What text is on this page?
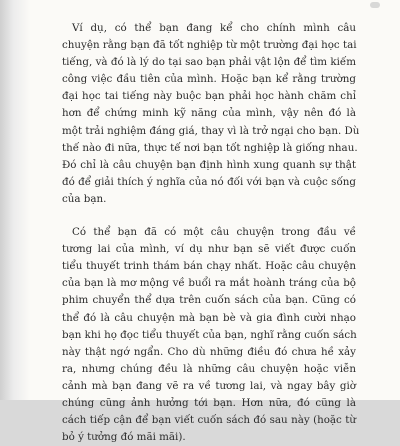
Ví dụ, có thể bạn đang kể cho chính mình câu
chuyện rằng bạn đã tốt nghiệp từ một trường đại học tai
tiếng, và đó là lý do tại sao bạn phải vật lộn để tìm kiếm
công việc đầu tiên của mình. Hoặc bạn kể rằng trường
đại học tai tiếng này buộc bạn phải học hành chăm chỉ
hơn để chứng minh kỹ năng của mình, vậy nên đó là
một trải nghiệm đáng giá, thay vì là trở ngại cho bạn. Dù
thế nào đi nữa, thực tế nơi bạn tốt nghiệp là giống nhau.
Đó chỉ là câu chuyện bạn định hình xung quanh sự thật
đó để giải thích ý nghĩa của nó đối với bạn và cuộc sống
của bạn.

Có thể bạn đã có một câu chuyện trong đầu về
tương lai của mình, ví dụ như bạn sẽ viết được cuốn
tiểu thuyết trinh thám bán chạy nhất. Hoặc câu chuyện
của bạn là mơ mộng về buổi ra mắt hoành tráng của bộ
phim chuyển thể dựa trên cuốn sách của bạn. Cũng có
thể đó là câu chuyện mà bạn bè và gia đình cười nhạo
bạn khi họ đọc tiểu thuyết của bạn, nghĩ rằng cuốn sách
này thật ngớ ngẩn. Cho dù những điều đó chưa hề xảy
ra, nhưng chúng đều là những câu chuyện hoặc viễn
cảnh mà bạn đang vẽ ra về tương lai, và ngay bây giờ
chúng cũng ảnh hưởng tới bạn. Hơn nữa, đó cũng là
cách tiếp cận để bạn viết cuốn sách đó sau này (hoặc từ
bỏ ý tưởng đó mãi mãi).
